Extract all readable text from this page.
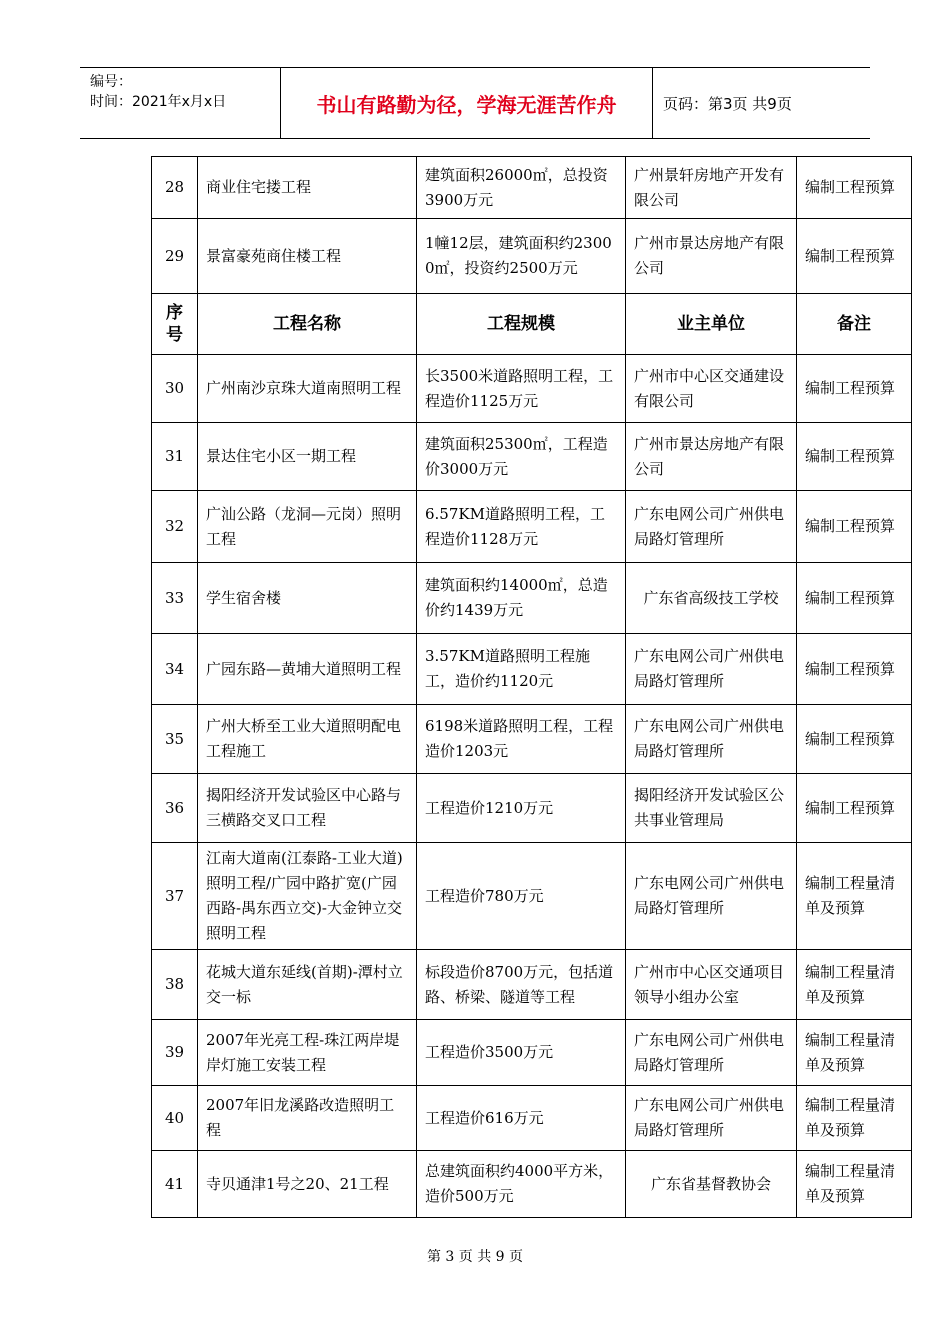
编号：
时间：2021年x月x日	书山有路勤为径，学海无涯苦作舟	页码：第3页 共9页
28	商业住宅搂工程	建筑面积26000㎡，总投资3900万元	广州景轩房地产开发有限公司	编制工程预算
29	景富豪苑商住楼工程	1幢12层，建筑面积约23000㎡，投资约2500万元	广州市景达房地产有限公司	编制工程预算
序号	工程名称	工程规模	业主单位	备注
30	广州南沙京珠大道南照明工程	长3500米道路照明工程，工程造价1125万元	广州市中心区交通建设有限公司	编制工程预算
31	景达住宅小区一期工程	建筑面积25300㎡，工程造价3000万元	广州市景达房地产有限公司	编制工程预算
32	广汕公路（龙洞—元岗）照明工程	6.57KM道路照明工程，工程造价1128万元	广东电网公司广州供电局路灯管理所	编制工程预算
33	学生宿舍楼	建筑面积约14000㎡，总造价约1439万元	广东省高级技工学校	编制工程预算
34	广园东路—黄埔大道照明工程	3.57KM道路照明工程施工，造价约1120元	广东电网公司广州供电局路灯管理所	编制工程预算
35	广州大桥至工业大道照明配电工程施工	6198米道路照明工程，工程造价1203元	广东电网公司广州供电局路灯管理所	编制工程预算
36	揭阳经济开发试验区中心路与三横路交叉口工程	工程造价1210万元	揭阳经济开发试验区公共事业管理局	编制工程预算
37	江南大道南(江泰路-工业大道)照明工程/广园中路扩宽(广园西路-禺东西立交)-大金钟立交照明工程	工程造价780万元	广东电网公司广州供电局路灯管理所	编制工程量清单及预算
38	花城大道东延线(首期)-潭村立交一标	标段造价8700万元，包括道路、桥梁、隧道等工程	广州市中心区交通项目领导小组办公室	编制工程量清单及预算
39	2007年光亮工程-珠江两岸堤岸灯施工安装工程	工程造价3500万元	广东电网公司广州供电局路灯管理所	编制工程量清单及预算
40	2007年旧龙溪路改造照明工程	工程造价616万元	广东电网公司广州供电局路灯管理所	编制工程量清单及预算
41	寺贝通津1号之20、21工程	总建筑面积约4000平方米，造价500万元	广东省基督教协会	编制工程量清单及预算
第 3 页 共 9 页
